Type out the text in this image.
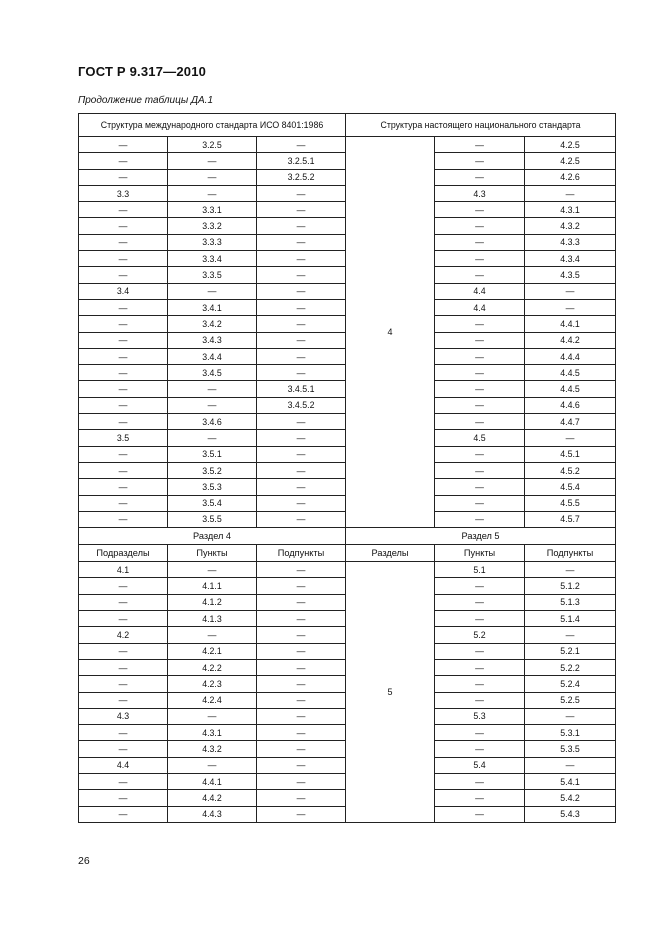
ГОСТ Р 9.317—2010
Продолжение таблицы ДА.1
Структура международного стандарта ИСО 8401:1986			Структура настоящего национального стандарта		
—	3.2.5	—	4	—	4.2.5
—	—	3.2.5.1		—	4.2.5
—	—	3.2.5.2		—	4.2.6
3.3	—	—		4.3	—
—	3.3.1	—		—	4.3.1
—	3.3.2	—		—	4.3.2
—	3.3.3	—		—	4.3.3
—	3.3.4	—		—	4.3.4
—	3.3.5	—		—	4.3.5
3.4	—	—		4.4	—
—	3.4.1	—		4.4	—
—	3.4.2	—		—	4.4.1
—	3.4.3	—		—	4.4.2
—	3.4.4	—		—	4.4.4
—	3.4.5	—		—	4.4.5
—	—	3.4.5.1		—	4.4.5
—	—	3.4.5.2		—	4.4.6
—	3.4.6	—		—	4.4.7
3.5	—	—		4.5	—
—	3.5.1	—		—	4.5.1
—	3.5.2	—		—	4.5.2
—	3.5.3	—		—	4.5.4
—	3.5.4	—		—	4.5.5
—	3.5.5	—		—	4.5.7
Раздел 4			Раздел 5		
Подразделы	Пункты	Подпункты	Разделы	Пункты	Подпункты
4.1	—	—	5	5.1	—
—	4.1.1	—		—	5.1.2
—	4.1.2	—		—	5.1.3
—	4.1.3	—		—	5.1.4
4.2	—	—		5.2	—
—	4.2.1	—		—	5.2.1
—	4.2.2	—		—	5.2.2
—	4.2.3	—		—	5.2.4
—	4.2.4	—		—	5.2.5
4.3	—	—		5.3	—
—	4.3.1	—		—	5.3.1
—	4.3.2	—		—	5.3.5
4.4	—	—		5.4	—
—	4.4.1	—		—	5.4.1
—	4.4.2	—		—	5.4.2
—	4.4.3	—		—	5.4.3
26
